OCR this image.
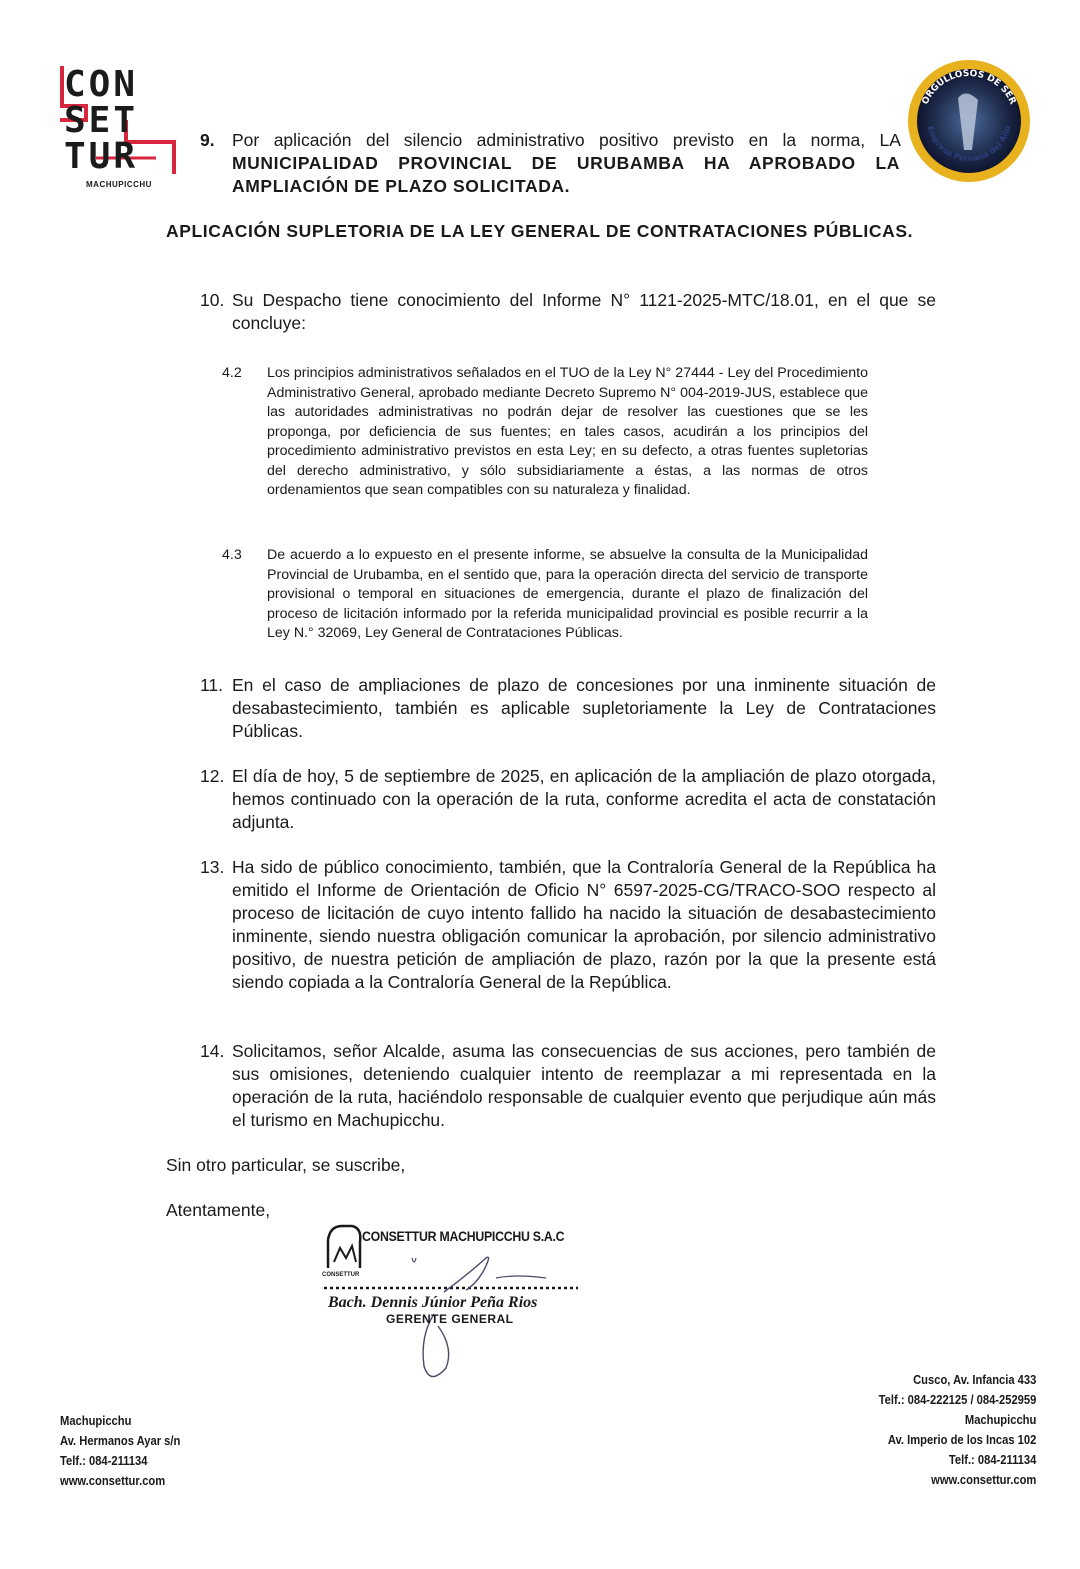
CON
SET
TUR
MACHUPICCHU
ORGULLOSOS DE SER
Empresa Peruana del Año
9. Por aplicación del silencio administrativo positivo previsto en la norma, LA MUNICIPALIDAD PROVINCIAL DE URUBAMBA HA APROBADO LA AMPLIACIÓN DE PLAZO SOLICITADA.
APLICACIÓN SUPLETORIA DE LA LEY GENERAL DE CONTRATACIONES PÚBLICAS.
10. Su Despacho tiene conocimiento del Informe N° 1121-2025-MTC/18.01, en el que se concluye:
4.2 Los principios administrativos señalados en el TUO de la Ley N° 27444 - Ley del Procedimiento Administrativo General, aprobado mediante Decreto Supremo N° 004-2019-JUS, establece que las autoridades administrativas no podrán dejar de resolver las cuestiones que se les proponga, por deficiencia de sus fuentes; en tales casos, acudirán a los principios del procedimiento administrativo previstos en esta Ley; en su defecto, a otras fuentes supletorias del derecho administrativo, y sólo subsidiariamente a éstas, a las normas de otros ordenamientos que sean compatibles con su naturaleza y finalidad.
4.3 De acuerdo a lo expuesto en el presente informe, se absuelve la consulta de la Municipalidad Provincial de Urubamba, en el sentido que, para la operación directa del servicio de transporte provisional o temporal en situaciones de emergencia, durante el plazo de finalización del proceso de licitación informado por la referida municipalidad provincial es posible recurrir a la Ley N.° 32069, Ley General de Contrataciones Públicas.
11. En el caso de ampliaciones de plazo de concesiones por una inminente situación de desabastecimiento, también es aplicable supletoriamente la Ley de Contrataciones Públicas.
12. El día de hoy, 5 de septiembre de 2025, en aplicación de la ampliación de plazo otorgada, hemos continuado con la operación de la ruta, conforme acredita el acta de constatación adjunta.
13. Ha sido de público conocimiento, también, que la Contraloría General de la República ha emitido el Informe de Orientación de Oficio N° 6597-2025-CG/TRACO-SOO respecto al proceso de licitación de cuyo intento fallido ha nacido la situación de desabastecimiento inminente, siendo nuestra obligación comunicar la aprobación, por silencio administrativo positivo, de nuestra petición de ampliación de plazo, razón por la que la presente está siendo copiada a la Contraloría General de la República.
14. Solicitamos, señor Alcalde, asuma las consecuencias de sus acciones, pero también de sus omisiones, deteniendo cualquier intento de reemplazar a mi representada en la operación de la ruta, haciéndolo responsable de cualquier evento que perjudique aún más el turismo en Machupicchu.
Sin otro particular, se suscribe,
Atentamente,
CONSETTUR MACHUPICCHU S.A.C
CONSETTUR
Bach. Dennis Júnior Peña Rios
GERENTE GENERAL
Machupicchu
Av. Hermanos Ayar s/n
Telf.: 084-211134
www.consettur.com
Cusco, Av. Infancia 433
Telf.: 084-222125 / 084-252959
Machupicchu
Av. Imperio de los Incas 102
Telf.: 084-211134
www.consettur.com
